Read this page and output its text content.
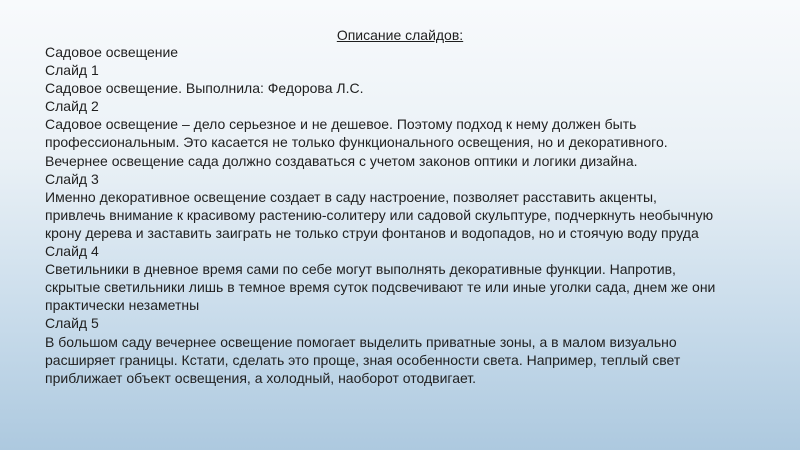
Описание слайдов:
Садовое освещение
Слайд 1
Садовое освещение. Выполнила: Федорова Л.С.
Слайд 2
Садовое освещение – дело серьезное и не дешевое. Поэтому подход к нему должен быть
профессиональным. Это касается не только функционального освещения, но и декоративного.
Вечернее освещение сада должно создаваться с учетом законов оптики и логики дизайна.
Слайд 3
Именно декоративное освещение создает в саду настроение, позволяет расставить акценты,
привлечь внимание к красивому растению-солитеру или садовой скульптуре, подчеркнуть необычную
крону дерева и заставить заиграть не только струи фонтанов и водопадов, но и стоячую воду пруда
Слайд 4
Светильники в дневное время сами по себе могут выполнять декоративные функции. Напротив,
скрытые светильники лишь в темное время суток подсвечивают те или иные уголки сада, днем же они
практически незаметны
Слайд 5
В большом саду вечернее освещение помогает выделить приватные зоны, а в малом визуально
расширяет границы. Кстати, сделать это проще, зная особенности света. Например, теплый свет
приближает объект освещения, а холодный, наоборот отодвигает.
